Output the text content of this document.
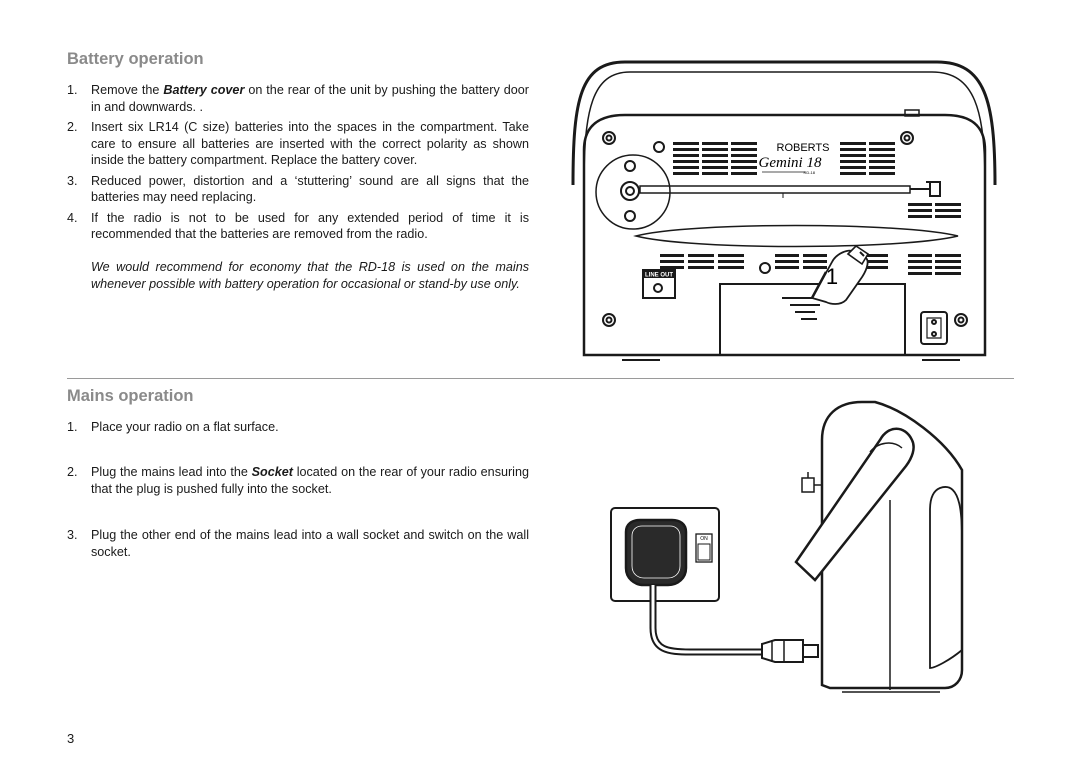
Battery operation
1. Remove the Battery cover on the rear of the unit by pushing the battery door in and downwards. .
2. Insert six LR14 (C size) batteries into the spaces in the compartment. Take care to ensure all batteries are inserted with the correct polarity as shown inside the battery compartment. Replace the battery cover.
3. Reduced power, distortion and a ‘stuttering’ sound are all signs that the batteries may need replacing.
4. If the radio is not to be used for any extended period of time it is recommended that the batteries are removed from the radio.

We would recommend for economy that the RD-18 is used on the mains whenever possible with battery operation for occasional or stand-by use only.

Mains operation
1. Place your radio on a flat surface.
2. Plug the mains lead into the Socket located on the rear of your radio ensuring that the plug is pushed fully into the socket.
3. Plug the other end of the mains lead into a wall socket and switch on the wall socket.
3
ROBERTS
Gemini 18
RD-18
LINE OUT	1
ON
